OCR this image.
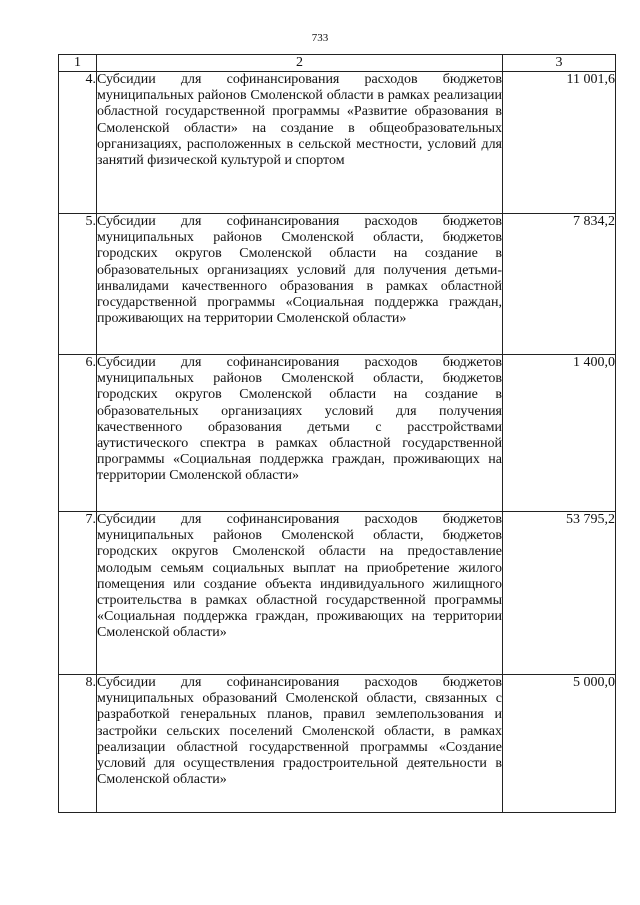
733
1	2	3
4.	Субсидии для софинансирования расходов бюджетов муниципальных районов Смоленской области в рамках реализации областной государственной программы «Развитие образования в Смоленской области» на создание в общеобразовательных организациях, расположенных в сельской местности, условий для занятий физической культурой и спортом	11 001,6
5.	Субсидии для софинансирования расходов бюджетов муниципальных районов Смоленской области, бюджетов городских округов Смоленской области на создание в образовательных организациях условий для получения детьми-инвалидами качественного образования в рамках областной государственной программы «Социальная поддержка граждан, проживающих на территории Смоленской области»	7 834,2
6.	Субсидии для софинансирования расходов бюджетов муниципальных районов Смоленской области, бюджетов городских округов Смоленской области на создание в образовательных организациях условий для получения качественного образования детьми с расстройствами аутистического спектра в рамках областной государственной программы «Социальная поддержка граждан, проживающих на территории Смоленской области»	1 400,0
7.	Субсидии для софинансирования расходов бюджетов муниципальных районов Смоленской области, бюджетов городских округов Смоленской области на предоставление молодым семьям социальных выплат на приобретение жилого помещения или создание объекта индивидуального жилищного строительства в рамках областной государственной программы «Социальная поддержка граждан, проживающих на территории Смоленской области»	53 795,2
8.	Субсидии для софинансирования расходов бюджетов муниципальных образований Смоленской области, связанных с разработкой генеральных планов, правил землепользования и застройки сельских поселений Смоленской области, в рамках реализации областной государственной программы «Создание условий для осуществления градостроительной деятельности в Смоленской области»	5 000,0
